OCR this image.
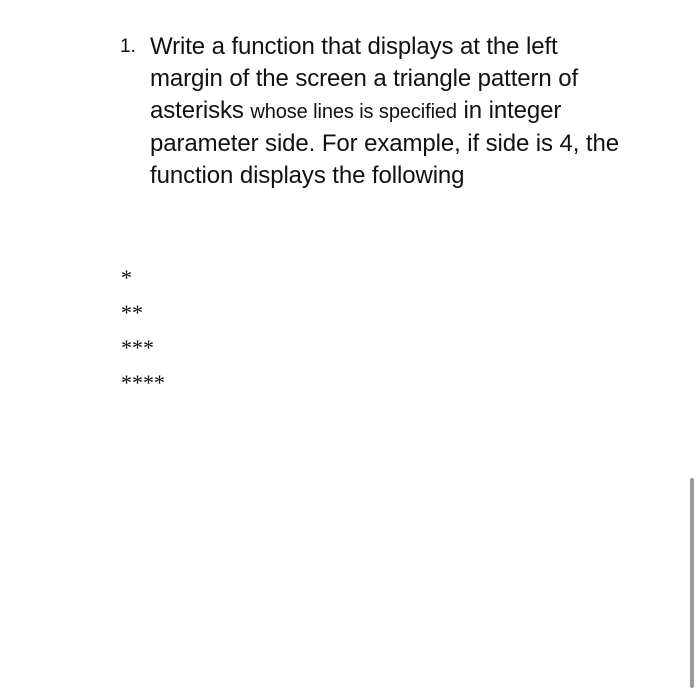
1. Write a function that displays at the left
margin of the screen a triangle pattern of
asterisks whose lines is specified in integer
parameter side. For example, if side is 4, the
function displays the following
*
**
***
****
